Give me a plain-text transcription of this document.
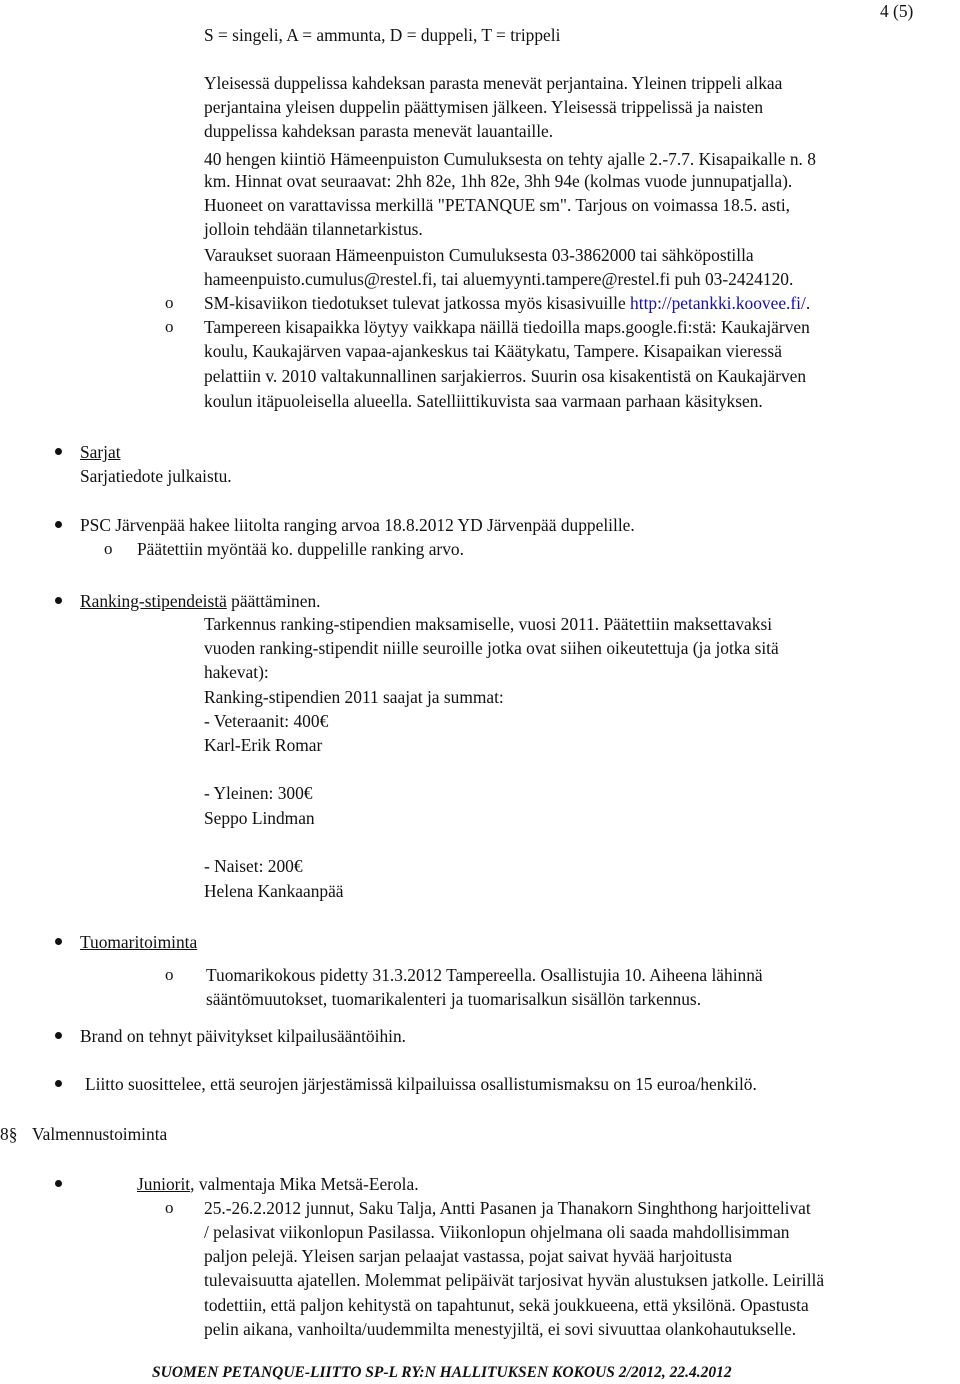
4 (5)
S = singeli, A = ammunta, D = duppeli, T = trippeli
Yleisessä duppelissa kahdeksan parasta menevät perjantaina. Yleinen trippeli alkaa
perjantaina yleisen duppelin päättymisen jälkeen. Yleisessä trippelissä ja naisten
duppelissa kahdeksan parasta menevät lauantaille.
40 hengen kiintiö Hämeenpuiston Cumuluksesta on tehty ajalle 2.-7.7. Kisapaikalle n. 8
km. Hinnat ovat seuraavat: 2hh 82e, 1hh 82e, 3hh 94e (kolmas vuode junnupatjalla).
Huoneet on varattavissa merkillä "PETANQUE sm". Tarjous on voimassa 18.5. asti,
jolloin tehdään tilannetarkistus.
Varaukset suoraan Hämeenpuiston Cumuluksesta 03-3862000 tai sähköpostilla
hameenpuisto.cumulus@restel.fi, tai aluemyynti.tampere@restel.fi puh 03-2424120.
o SM-kisaviikon tiedotukset tulevat jatkossa myös kisasivuille http://petankki.koovee.fi/.
o Tampereen kisapaikka löytyy vaikkapa näillä tiedoilla maps.google.fi:stä: Kaukajärven
koulu, Kaukajärven vapaa-ajankeskus tai Käätykatu, Tampere. Kisapaikan vieressä
pelattiin v. 2010 valtakunnallinen sarjakierros. Suurin osa kisakentistä on Kaukajärven
koulun itäpuoleisella alueella. Satelliittikuvista saa varmaan parhaan käsityksen.
Sarjat
Sarjatiedote julkaistu.
PSC Järvenpää hakee liitolta ranging arvoa 18.8.2012 YD Järvenpää duppelille.
o Päätettiin myöntää ko. duppelille ranking arvo.
Ranking-stipendeistä päättäminen.
Tarkennus ranking-stipendien maksamiselle, vuosi 2011. Päätettiin maksettavaksi
vuoden ranking-stipendit niille seuroille jotka ovat siihen oikeutettuja (ja jotka sitä
hakevat):
Ranking-stipendien 2011 saajat ja summat:
- Veteraanit: 400€
Karl-Erik Romar
- Yleinen: 300€
Seppo Lindman
- Naiset: 200€
Helena Kankaanpää
Tuomaritoiminta
o Tuomarikokous pidetty 31.3.2012 Tampereella. Osallistujia 10. Aiheena lähinnä
sääntömuutokset, tuomarikalenteri ja tuomarisalkun sisällön tarkennus.
Brand on tehnyt päivitykset kilpailusääntöihin.
Liitto suosittelee, että seurojen järjestämissä kilpailuissa osallistumismaksu on 15 euroa/henkilö.
8§ Valmennustoiminta
Juniorit, valmentaja Mika Metsä-Eerola.
o 25.-26.2.2012 junnut, Saku Talja, Antti Pasanen ja Thanakorn Singhthong harjoittelivat
/ pelasivat viikonlopun Pasilassa. Viikonlopun ohjelmana oli saada mahdollisimman
paljon pelejä. Yleisen sarjan pelaajat vastassa, pojat saivat hyvää harjoitusta
tulevaisuutta ajatellen. Molemmat pelipäivät tarjosivat hyvän alustuksen jatkolle. Leirillä
todettiin, että paljon kehitystä on tapahtunut, sekä joukkueena, että yksilönä. Opastusta
pelin aikana, vanhoilta/uudemmilta menestyjiltä, ei sovi sivuuttaa olankohautukselle.
SUOMEN PETANQUE-LIITTO SP-L RY:N HALLITUKSEN KOKOUS 2/2012, 22.4.2012
